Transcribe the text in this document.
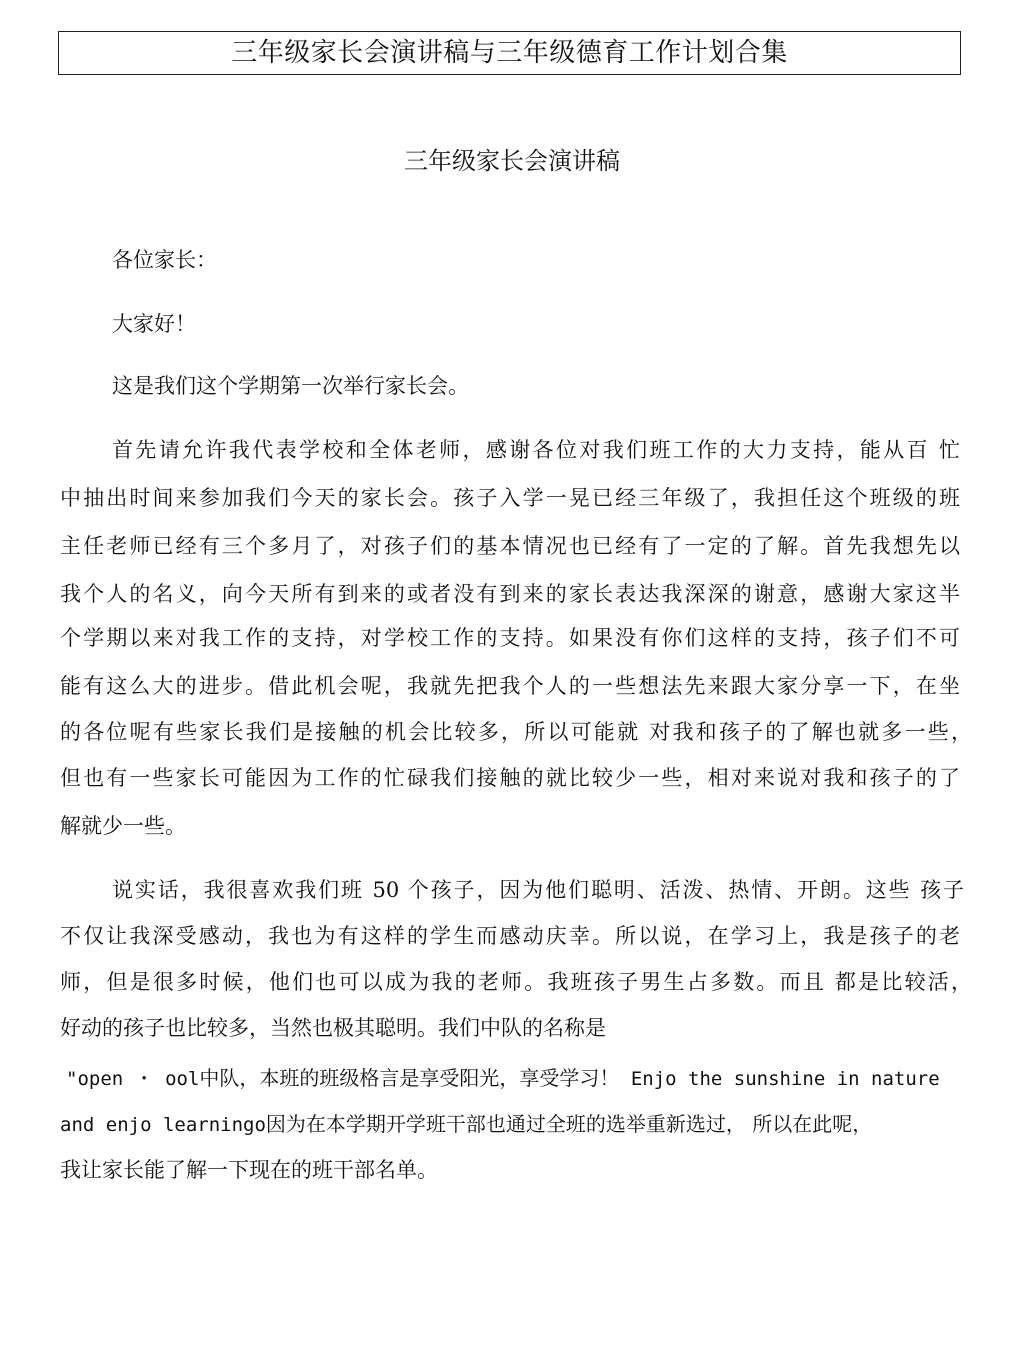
三年级家长会演讲稿与三年级德育工作计划合集
三年级家长会演讲稿
各位家长：
大家好！
这是我们这个学期第一次举行家长会。
首先请允许我代表学校和全体老师，感谢各位对我们班工作的大力支持，能从百 忙
中抽出时间来参加我们今天的家长会。孩子入学一晃已经三年级了，我担任这个班级的班
主任老师已经有三个多月了，对孩子们的基本情况也已经有了一定的了解。首先我想先以
我个人的名义，向今天所有到来的或者没有到来的家长表达我深深的谢意，感谢大家这半
个学期以来对我工作的支持，对学校工作的支持。如果没有你们这样的支持，孩子们不可
能有这么大的进步。借此机会呢，我就先把我个人的一些想法先来跟大家分享一下，在坐
的各位呢有些家长我们是接触的机会比较多，所以可能就 对我和孩子的了解也就多一些，
但也有一些家长可能因为工作的忙碌我们接触的就比较少一些，相对来说对我和孩子的了
解就少一些。
说实话，我很喜欢我们班 50 个孩子，因为他们聪明、活泼、热情、开朗。这些 孩子
不仅让我深受感动，我也为有这样的学生而感动庆幸。所以说，在学习上，我是孩子的老
师，但是很多时候，他们也可以成为我的老师。我班孩子男生占多数。而且 都是比较活，
好动的孩子也比较多，当然也极其聪明。我们中队的名称是
"open ・ ool中队，本班的班级格言是享受阳光，享受学习！ Enjo the sunshine in nature
and enjo learningo因为在本学期开学班干部也通过全班的选举重新选过， 所以在此呢，
我让家长能了解一下现在的班干部名单。
